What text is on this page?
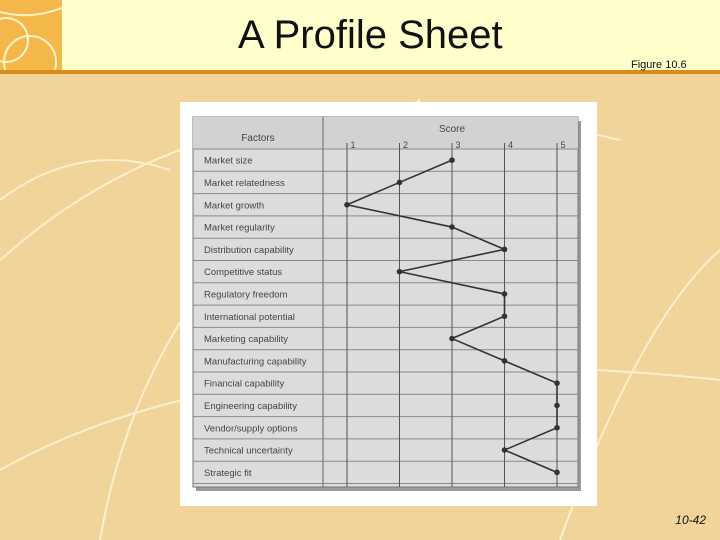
A Profile Sheet
Figure 10.6
1	2	3	4	5
Factors
Score
Market size
Market relatedness
Market growth
Market regularity
Distribution capability
Competitive status
Regulatory freedom
International potential
Marketing capability
Manufacturing capability
Financial capability
Engineering capability
Vendor/supply options
Technical uncertainty
Strategic fit
10-42
